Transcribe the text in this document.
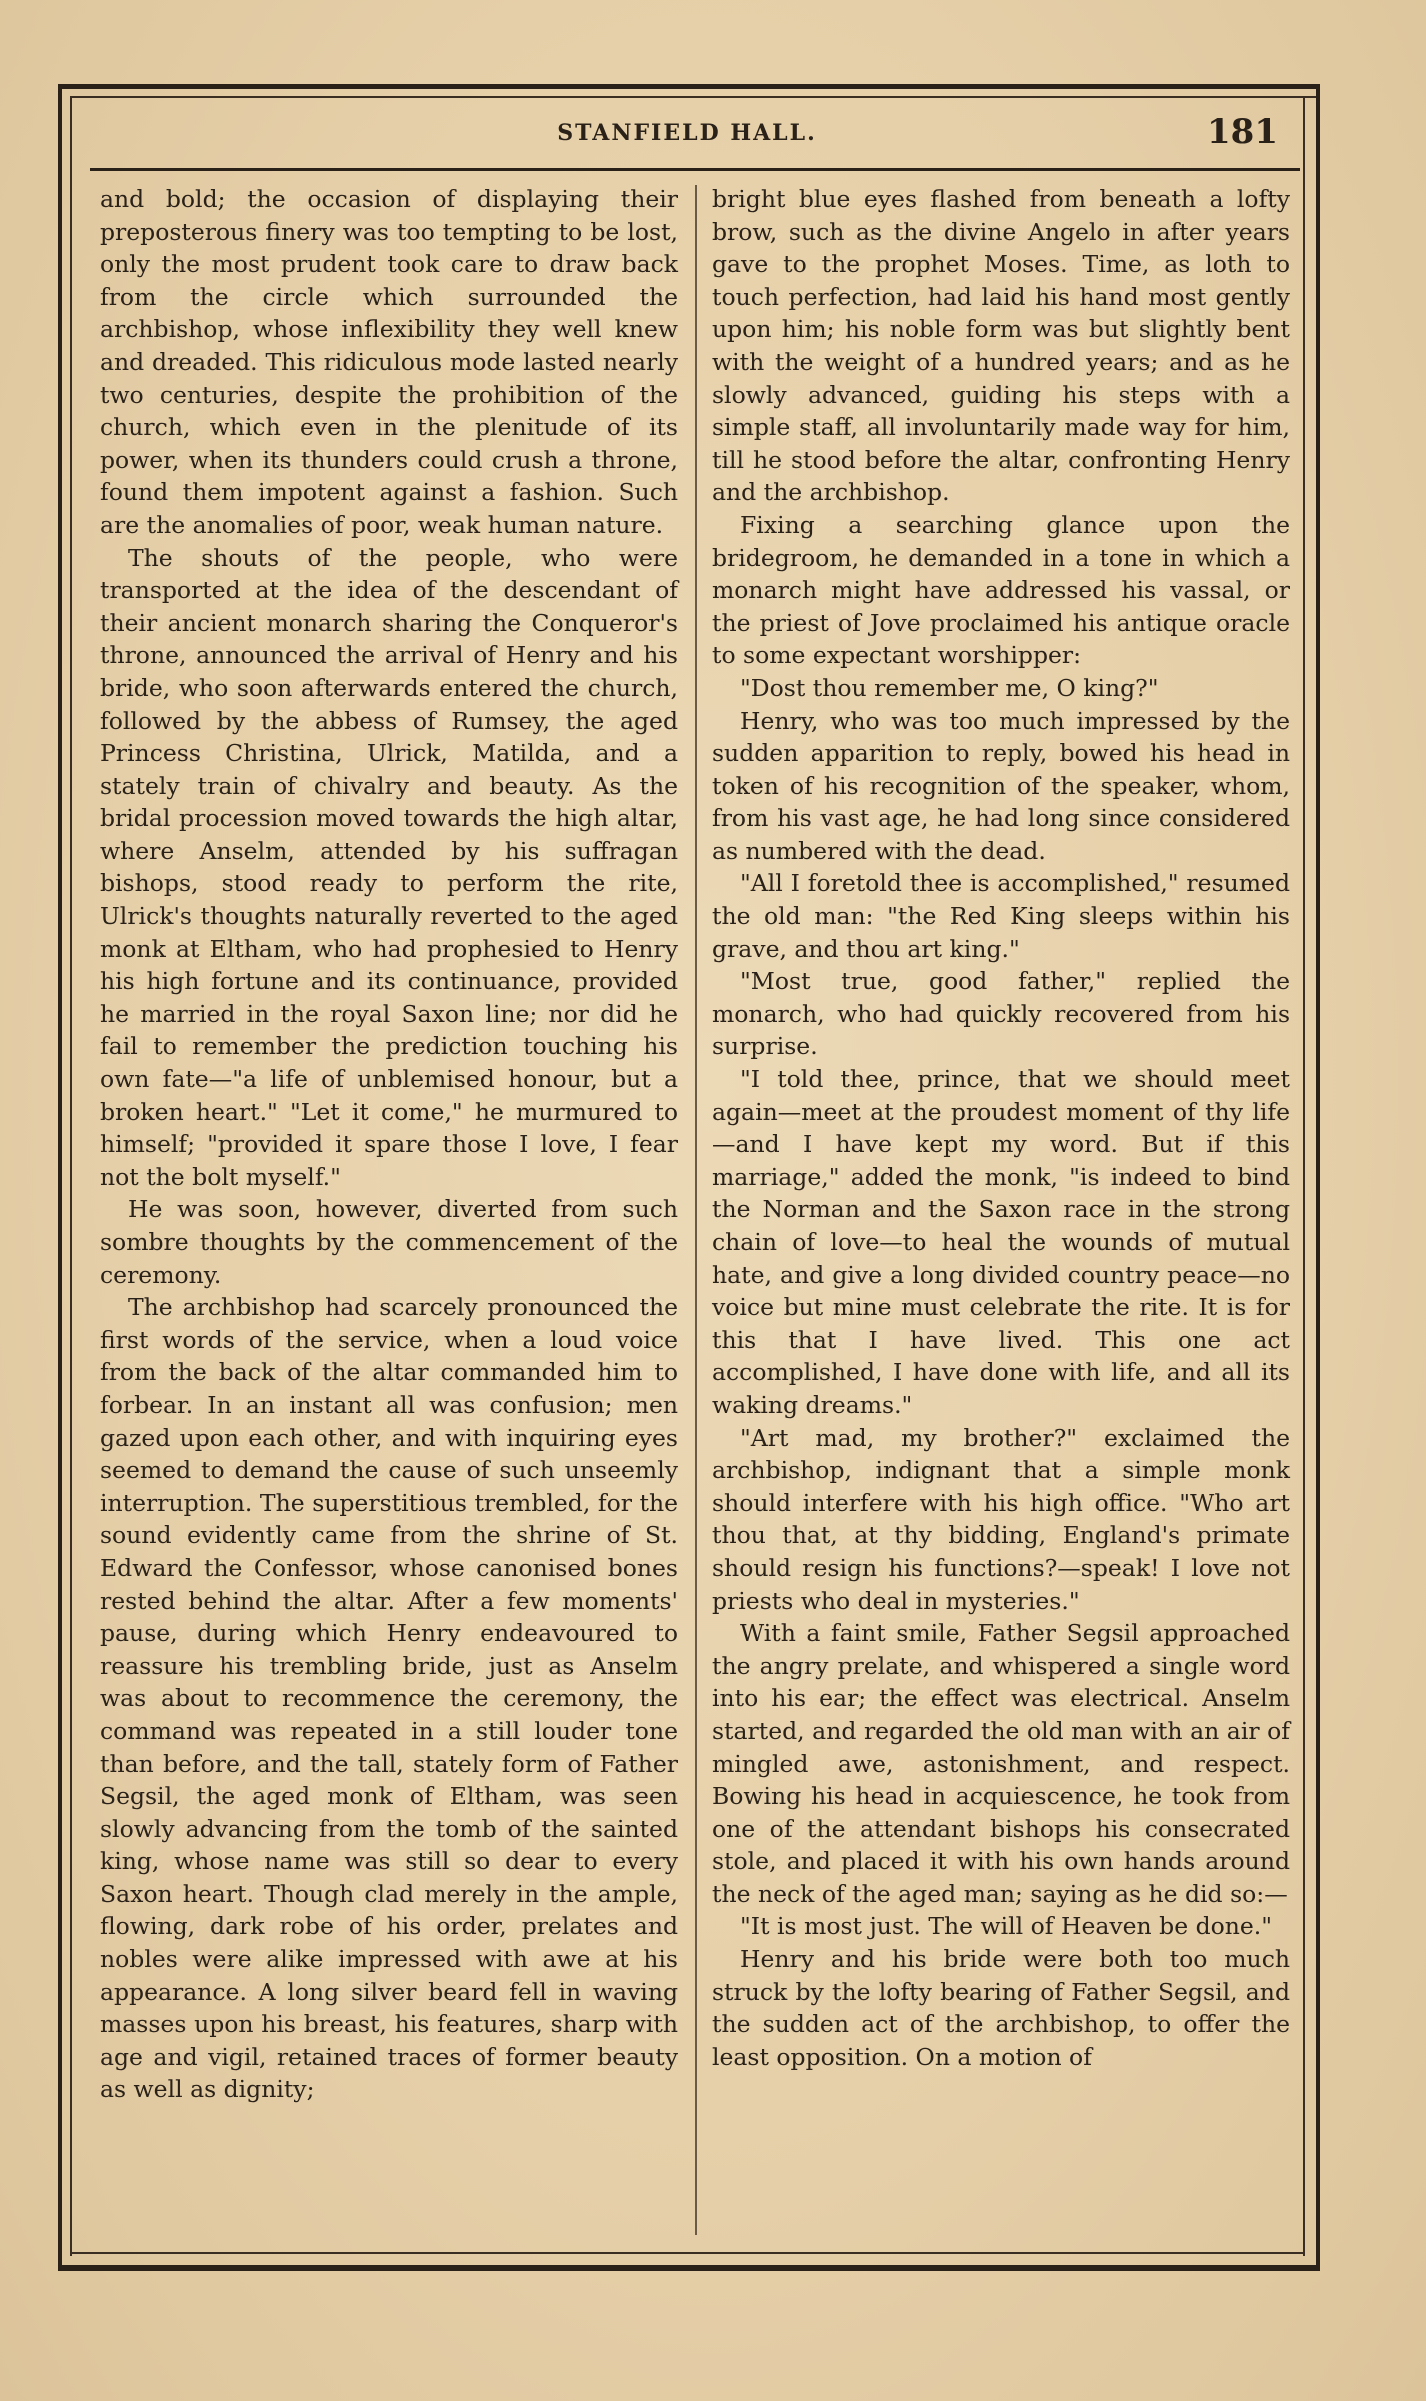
STANFIELD HALL.	181

and bold; the occasion of displaying their preposterous finery was too tempting to be lost, only the most prudent took care to draw back from the circle which surrounded the archbishop, whose inflexibility they well knew and dreaded. This ridiculous mode lasted nearly two centuries, despite the prohibition of the church, which even in the plenitude of its power, when its thunders could crush a throne, found them impotent against a fashion. Such are the anomalies of poor, weak human nature.

The shouts of the people, who were transported at the idea of the descendant of their ancient monarch sharing the Conqueror's throne, announced the arrival of Henry and his bride, who soon afterwards entered the church, followed by the abbess of Rumsey, the aged Princess Christina, Ulrick, Matilda, and a stately train of chivalry and beauty. As the bridal procession moved towards the high altar, where Anselm, attended by his suffragan bishops, stood ready to perform the rite, Ulrick's thoughts naturally reverted to the aged monk at Eltham, who had prophesied to Henry his high fortune and its continuance, provided he married in the royal Saxon line; nor did he fail to remember the prediction touching his own fate—"a life of unblemised honour, but a broken heart." "Let it come," he murmured to himself; "provided it spare those I love, I fear not the bolt myself."

He was soon, however, diverted from such sombre thoughts by the commencement of the ceremony.

The archbishop had scarcely pronounced the first words of the service, when a loud voice from the back of the altar commanded him to forbear. In an instant all was confusion; men gazed upon each other, and with inquiring eyes seemed to demand the cause of such unseemly interruption. The superstitious trembled, for the sound evidently came from the shrine of St. Edward the Confessor, whose canonised bones rested behind the altar. After a few moments' pause, during which Henry endeavoured to reassure his trembling bride, just as Anselm was about to recommence the ceremony, the command was repeated in a still louder tone than before, and the tall, stately form of Father Segsil, the aged monk of Eltham, was seen slowly advancing from the tomb of the sainted king, whose name was still so dear to every Saxon heart. Though clad merely in the ample, flowing, dark robe of his order, prelates and nobles were alike impressed with awe at his appearance. A long silver beard fell in waving masses upon his breast, his features, sharp with age and vigil, retained traces of former beauty as well as dignity;

bright blue eyes flashed from beneath a lofty brow, such as the divine Angelo in after years gave to the prophet Moses. Time, as loth to touch perfection, had laid his hand most gently upon him; his noble form was but slightly bent with the weight of a hundred years; and as he slowly advanced, guiding his steps with a simple staff, all involuntarily made way for him, till he stood before the altar, confronting Henry and the archbishop.

Fixing a searching glance upon the bridegroom, he demanded in a tone in which a monarch might have addressed his vassal, or the priest of Jove proclaimed his antique oracle to some expectant worshipper:

"Dost thou remember me, O king?"

Henry, who was too much impressed by the sudden apparition to reply, bowed his head in token of his recognition of the speaker, whom, from his vast age, he had long since considered as numbered with the dead.

"All I foretold thee is accomplished," resumed the old man: "the Red King sleeps within his grave, and thou art king."

"Most true, good father," replied the monarch, who had quickly recovered from his surprise.

"I told thee, prince, that we should meet again—meet at the proudest moment of thy life—and I have kept my word. But if this marriage," added the monk, "is indeed to bind the Norman and the Saxon race in the strong chain of love—to heal the wounds of mutual hate, and give a long divided country peace—no voice but mine must celebrate the rite. It is for this that I have lived. This one act accomplished, I have done with life, and all its waking dreams."

"Art mad, my brother?" exclaimed the archbishop, indignant that a simple monk should interfere with his high office. "Who art thou that, at thy bidding, England's primate should resign his functions?—speak! I love not priests who deal in mysteries."

With a faint smile, Father Segsil approached the angry prelate, and whispered a single word into his ear; the effect was electrical. Anselm started, and regarded the old man with an air of mingled awe, astonishment, and respect. Bowing his head in acquiescence, he took from one of the attendant bishops his consecrated stole, and placed it with his own hands around the neck of the aged man; saying as he did so:—

"It is most just. The will of Heaven be done."

Henry and his bride were both too much struck by the lofty bearing of Father Segsil, and the sudden act of the archbishop, to offer the least opposition. On a motion of
